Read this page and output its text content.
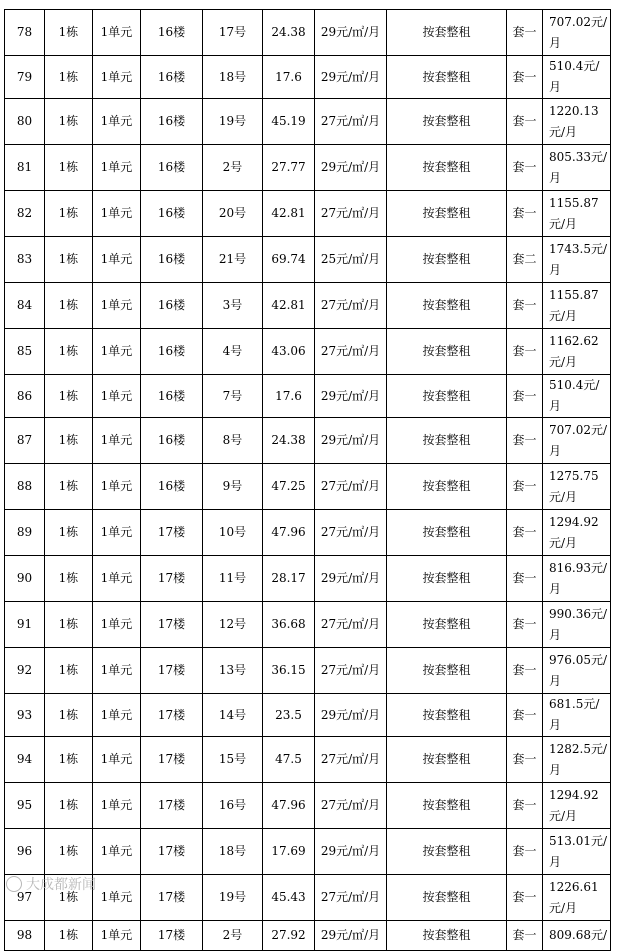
78	1栋	1单元	16楼	17号	24.38	29元/㎡/月	按套整租	套一	707.02元/月
79	1栋	1单元	16楼	18号	17.6	29元/㎡/月	按套整租	套一	510.4元/月
80	1栋	1单元	16楼	19号	45.19	27元/㎡/月	按套整租	套一	1220.13元/月
81	1栋	1单元	16楼	2号	27.77	29元/㎡/月	按套整租	套一	805.33元/月
82	1栋	1单元	16楼	20号	42.81	27元/㎡/月	按套整租	套一	1155.87元/月
83	1栋	1单元	16楼	21号	69.74	25元/㎡/月	按套整租	套二	1743.5元/月
84	1栋	1单元	16楼	3号	42.81	27元/㎡/月	按套整租	套一	1155.87元/月
85	1栋	1单元	16楼	4号	43.06	27元/㎡/月	按套整租	套一	1162.62元/月
86	1栋	1单元	16楼	7号	17.6	29元/㎡/月	按套整租	套一	510.4元/月
87	1栋	1单元	16楼	8号	24.38	29元/㎡/月	按套整租	套一	707.02元/月
88	1栋	1单元	16楼	9号	47.25	27元/㎡/月	按套整租	套一	1275.75元/月
89	1栋	1单元	17楼	10号	47.96	27元/㎡/月	按套整租	套一	1294.92元/月
90	1栋	1单元	17楼	11号	28.17	29元/㎡/月	按套整租	套一	816.93元/月
91	1栋	1单元	17楼	12号	36.68	27元/㎡/月	按套整租	套一	990.36元/月
92	1栋	1单元	17楼	13号	36.15	27元/㎡/月	按套整租	套一	976.05元/月
93	1栋	1单元	17楼	14号	23.5	29元/㎡/月	按套整租	套一	681.5元/月
94	1栋	1单元	17楼	15号	47.5	27元/㎡/月	按套整租	套一	1282.5元/月
95	1栋	1单元	17楼	16号	47.96	27元/㎡/月	按套整租	套一	1294.92元/月
96	1栋	1单元	17楼	18号	17.69	29元/㎡/月	按套整租	套一	513.01元/月
97	1栋	1单元	17楼	19号	45.43	27元/㎡/月	按套整租	套一	1226.61元/月
98	1栋	1单元	17楼	2号	27.92	29元/㎡/月	按套整租	套一	809.68元/
大成都新闻
